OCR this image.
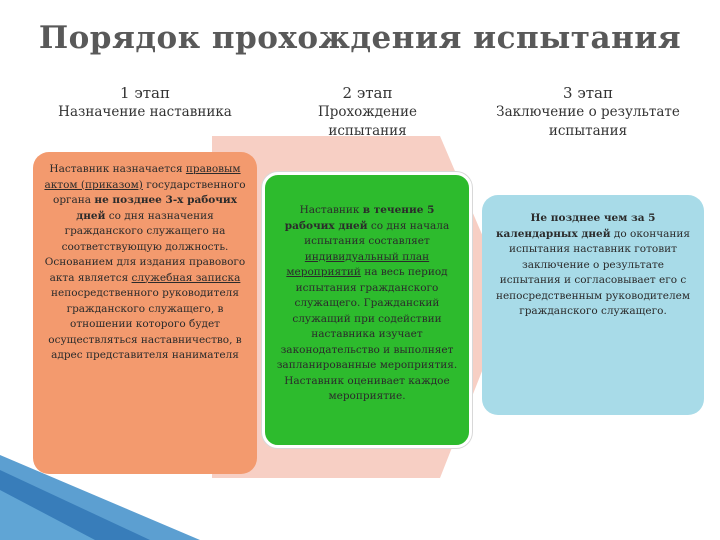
Порядок прохождения испытания
1 этап
Назначение наставника
2 этап
Прохождение испытания
3 этап
Заключение о результате испытания
Наставник назначается правовым актом (приказом) государственного органа не позднее 3-х рабочих дней со дня назначения гражданского служащего на соответствующую должность. Основанием для издания правового акта является служебная записка непосредственного руководителя гражданского служащего, в отношении которого будет осуществляться наставничество, в адрес представителя нанимателя
Наставник в течение 5 рабочих дней со дня начала испытания составляет индивидуальный план мероприятий на весь период испытания гражданского служащего. Гражданский служащий при содействии наставника изучает законодательство и выполняет запланированные мероприятия. Наставник оценивает каждое мероприятие.
Не позднее чем за 5 календарных дней до окончания испытания наставник готовит заключение о результате испытания и согласовывает его с непосредственным руководителем гражданского служащего.
